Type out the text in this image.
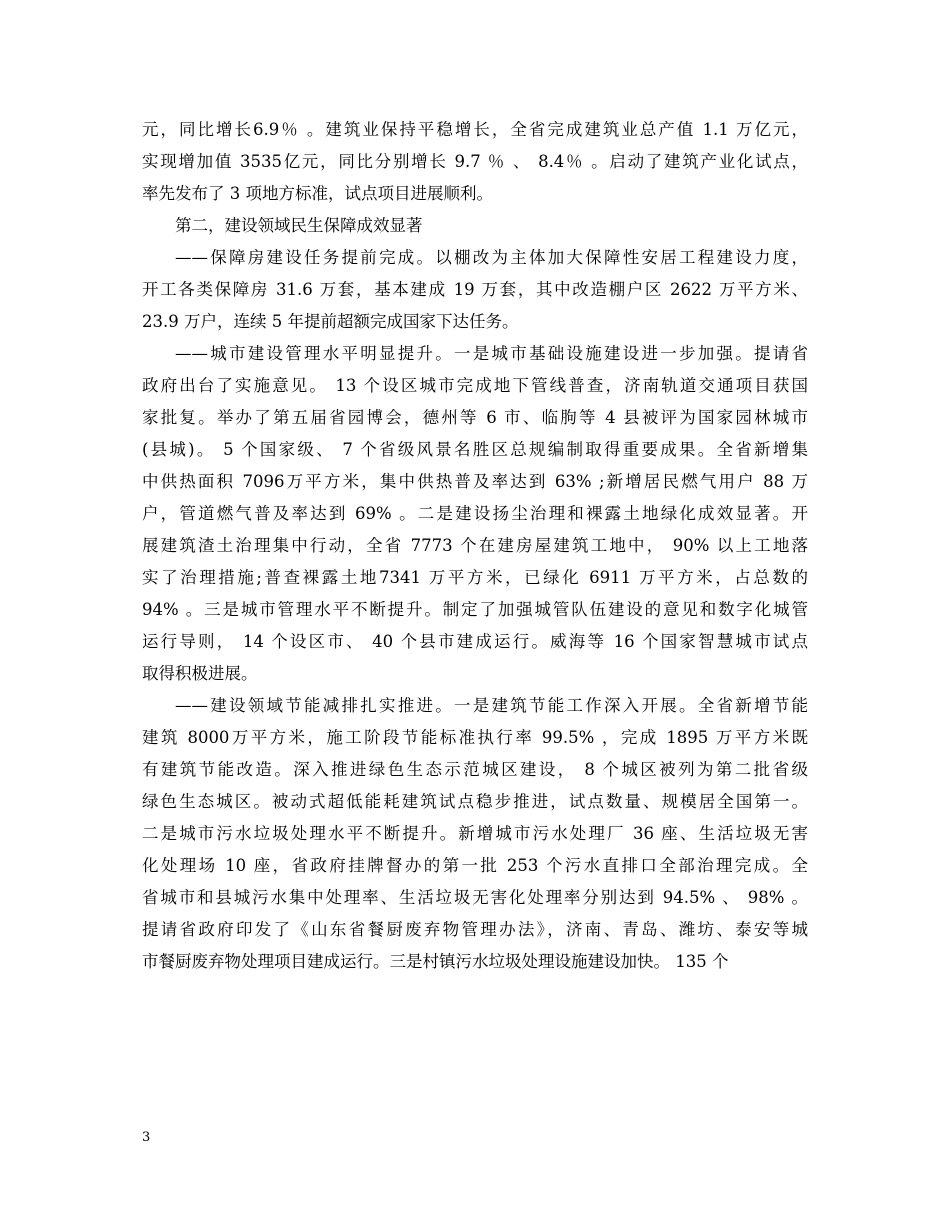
元，同比增长6.9％ 。建筑业保持平稳增长，全省完成建筑业总产值 1.1 万亿元，
实现增加值 3535亿元，同比分别增长 9.7 ％ 、 8.4％ 。启动了建筑产业化试点，
率先发布了 3 项地方标准，试点项目进展顺利。
第二，建设领域民生保障成效显著
——保障房建设任务提前完成。以棚改为主体加大保障性安居工程建设力度，
开工各类保障房 31.6 万套，基本建成 19 万套，其中改造棚户区 2622 万平方米、
23.9 万户，连续 5 年提前超额完成国家下达任务。
——城市建设管理水平明显提升。一是城市基础设施建设进一步加强。提请省
政府出台了实施意见。 13 个设区城市完成地下管线普查，济南轨道交通项目获国
家批复。举办了第五届省园博会，德州等 6 市、临朐等 4 县被评为国家园林城市
(县城)。 5 个国家级、 7 个省级风景名胜区总规编制取得重要成果。全省新增集
中供热面积 7096万平方米，集中供热普及率达到 63% ;新增居民燃气用户 88 万
户，管道燃气普及率达到 69% 。二是建设扬尘治理和裸露土地绿化成效显著。开
展建筑渣土治理集中行动，全省 7773 个在建房屋建筑工地中， 90% 以上工地落
实了治理措施;普查裸露土地7341 万平方米，已绿化 6911 万平方米，占总数的
94% 。三是城市管理水平不断提升。制定了加强城管队伍建设的意见和数字化城管
运行导则， 14 个设区市、 40 个县市建成运行。威海等 16 个国家智慧城市试点
取得积极进展。
——建设领域节能减排扎实推进。一是建筑节能工作深入开展。全省新增节能
建筑 8000万平方米，施工阶段节能标准执行率 99.5% ，完成 1895 万平方米既
有建筑节能改造。深入推进绿色生态示范城区建设， 8 个城区被列为第二批省级
绿色生态城区。被动式超低能耗建筑试点稳步推进，试点数量、规模居全国第一。
二是城市污水垃圾处理水平不断提升。新增城市污水处理厂 36 座、生活垃圾无害
化处理场 10 座，省政府挂牌督办的第一批 253 个污水直排口全部治理完成。全
省城市和县城污水集中处理率、生活垃圾无害化处理率分别达到 94.5% 、 98% 。
提请省政府印发了《山东省餐厨废弃物管理办法》，济南、青岛、潍坊、泰安等城
市餐厨废弃物处理项目建成运行。三是村镇污水垃圾处理设施建设加快。 135 个
3
